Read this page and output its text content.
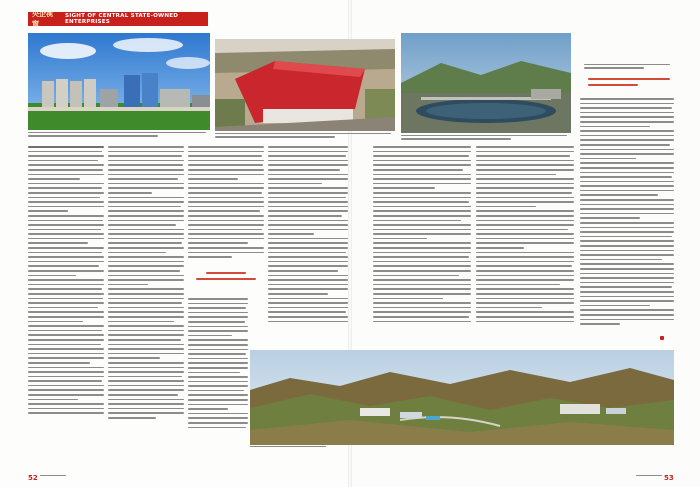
央企视窗
SIGHT OF CENTRAL STATE-OWNED ENTERPRISES
52	53
